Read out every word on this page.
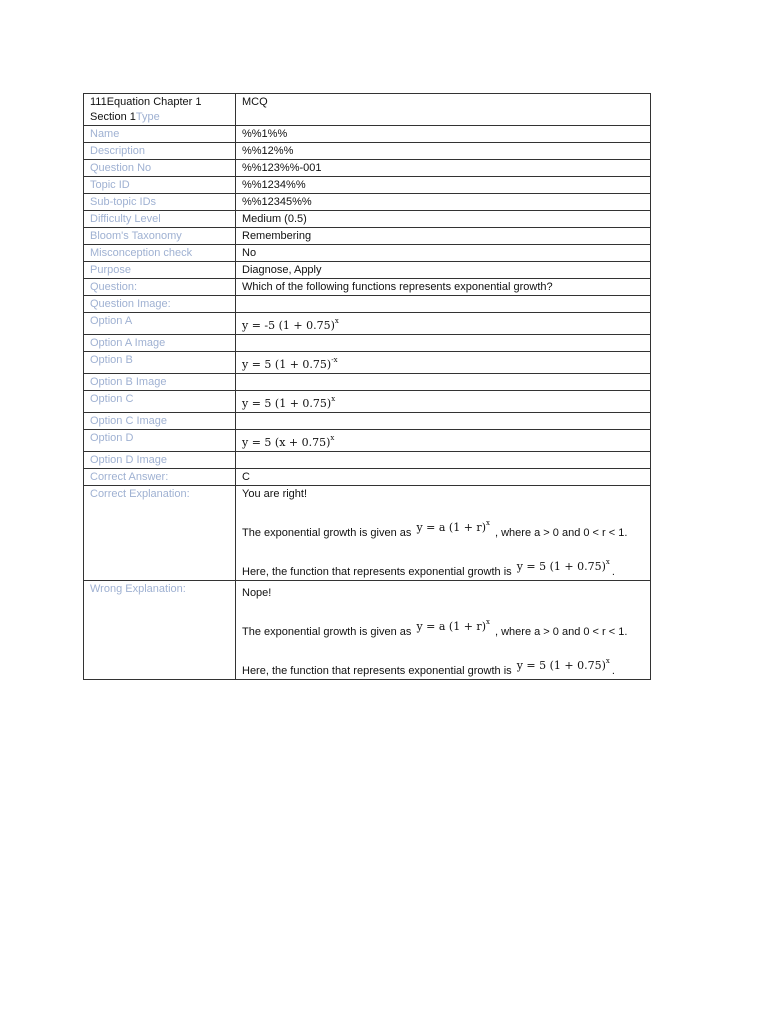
111Equation Chapter 1
Section 1Type	MCQ
Name	%%1%%
Description	%%12%%
Question No	%%123%%-001
Topic ID	%%1234%%
Sub-topic IDs	%%12345%%
Difficulty Level	Medium (0.5)
Bloom's Taxonomy	Remembering
Misconception check	No
Purpose	Diagnose, Apply
Question:	Which of the following functions represents exponential growth?
Question Image:	
Option A	y = -5 $(1 + 0.75)^x$
Option A Image	
Option B	y = 5 $(1 + 0.75)^{-x}$
Option B Image	
Option C	y = 5 $(1 + 0.75)^x$
Option C Image	
Option D	y = 5 $(x + 0.75)^x$
Option D Image	
Correct Answer:	C
Correct Explanation:	You are right!
The exponential growth is given as y = a $(1 + r)^x$ , where a > 0 and 0 < r < 1.
Here, the function that represents exponential growth is y = 5 $(1 + 0.75)^x$.

Wrong Explanation:	Nope!
The exponential growth is given as y = a $(1 + r)^x$ , where a > 0 and 0 < r < 1.
Here, the function that represents exponential growth is y = 5 $(1 + 0.75)^x$.
